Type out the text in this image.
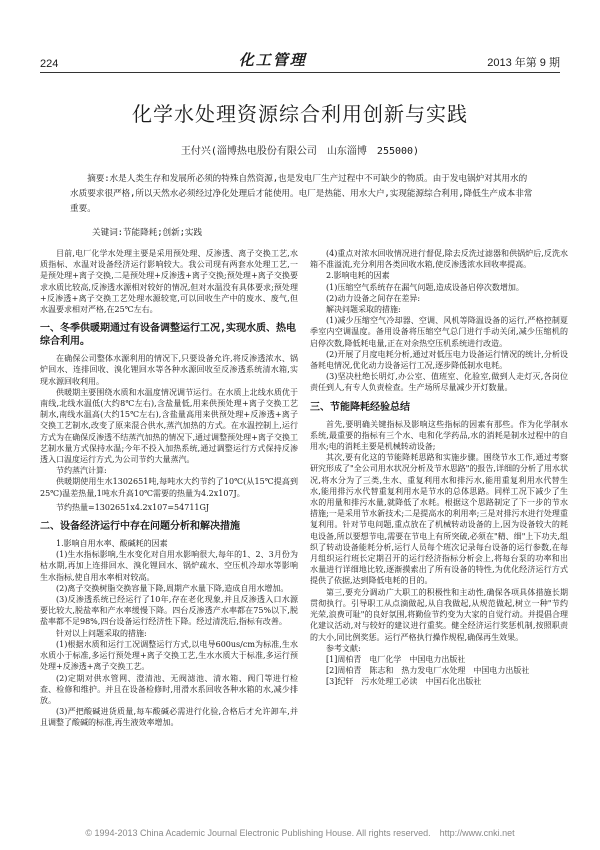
224	化工管理	2013 年第 9 期
化学水处理资源综合利用创新与实践
王付兴(淄博热电股份有限公司　山东淄博　255000)
摘要:水是人类生存和发展所必须的特殊自然资源,也是发电厂生产过程中不可缺少的物质。由于发电锅炉对其用水的水质要求很严格,所以天然水必须经过净化处理后才能使用。电厂是热能、用水大户,实现能源综合利用,降低生产成本非常重要。
关键词:节能降耗;创新;实践

目前,电厂化学水处理主要是采用预处理、反渗透、离子交换工艺,水质指标、水温对设备经济运行影响较大。我公司现有两套水处理工艺,一是预处理+离子交换,二是预处理+反渗透+离子交换;预处理+离子交换要求水质比较高,反渗透水源相对较好的情况,但对水温没有具体要求;预处理+反渗透+离子交换工艺处理水源较宽,可以回收生产中的废水、废气,但水温要求相对严格,在25℃左右。

一、冬季供暖期通过有设备调整运行工况,实现水质、热电综合利用。

在确保公司整体水源利用的情况下,只要设备允许,将反渗透浓水、锅炉回水、连排回收、溴化锂回水等各种水源回收至反渗透系统清水箱,实现水源回收利用。

供暖期主要围绕水质和水温度情况调节运行。在水质上北线水质优于南线,北线水温低(大约8℃左右),含盐量低,用来供预处理+离子交换工艺制水,南线水温高(大约15℃左右),含盐量高用来供预处理+反渗透+离子交换工艺制水,改变了原来混合供水,蒸汽加热的方式。在水温控制上,运行方式为在确保反渗透不结蒸汽加热的情况下,通过调整预处理+离子交换工艺制水量方式保持水温;今年不投入加热系统,通过调整运行方式保持反渗透入口温度运行方式,为公司节约大量蒸汽。

节约蒸汽计算:

供暖期使用生水1302651吨,每吨水大约节约了10℃(从15℃提高到25℃)温差热量,1吨水升高10℃需要的热量为4.2x107J。

节约热量=1302651x4.2x107=54711GJ

二、设备经济运行中存在问题分析和解决措施

1.影响自用水率、酸碱耗的因素

(1)生水指标影响,生水变化对自用水影响很大,每年的1、2、3月份为枯水期,再加上连排回水、溴化锂回水、锅炉疏水、空压机冷却水等影响生水指标,使自用水率相对较高。

(2)离子交换树脂交换容量下降,周期产水量下降,造成自用水增加。

(3)反渗透系统已经运行了10年,存在老化现象,并且反渗透入口水源要比较大,脱盐率和产水率缓慢下降。四台反渗透产水率都在75%以下,脱盐率都不足98%,四台设备运行经济性下降。经过清洗后,指标有改善。

针对以上问题采取的措施:

(1)根据水质和运行工况调整运行方式,以电导600us/cm为标准,生水水质小于标准,多运行预处理+离子交换工艺,生水水质大于标准,多运行预处理+反渗透+离子交换工艺。

(2)定期对供水管网、澄清池、无阀滤池、清水箱、阀门等进行检查、检修和维护。并且在设备检修时,用滑水系回收各种水箱的水,减少排放。

(3)严把酸碱进货质量,每车酸碱必需进行化验,合格后才允许卸车,并且调整了酸碱的标准,再生液效率增加。

(4)重点对浓水回收情况进行督促,除去反洗过滤器和供锅炉后,反洗水箱不准溢流,充分利用各类回收水箱,使反渗透浓水回收率提高。

2.影响电耗的因素

(1)压缩空气系统存在漏气问题,造成设备启停次数增加。

(2)动力设备之间存在差异:

解决问题采取的措施:

(1)减少压缩空气冷却器、空调、风机等降温设备的运行,严格控制夏季室内空调温度。备用设备将压缩空气总门进行手动关闭,减少压缩机的启停次数,降低耗电量,正在对余热空压机系统进行改造。

(2)开展了月度电耗分析,通过对低压电力设备运行情况的统计,分析设备耗电情况,优化动力设备运行工况,逐步降低制水电耗。

(3)坚决杜绝长明灯,办公室、值班室、化验室,做到人走灯灭,各岗位责任到人,有专人负责检查。生产场所尽量减少开灯数量。

三、节能降耗经验总结

首先,要明确关键指标及影响这些指标的因素有那些。作为化学制水系统,最重要的指标有三个水、电和化学药品,水的消耗是制水过程中的自用水;电的消耗主要是机械转动设备;

其次,要有化这的节能降耗思路和实施步骤。围绕节水工作,通过考察研究形成了"全公司用水状况分析及节水思路"的报告,详细的分析了用水状况,将水分为了三类,生水、重复利用水和排污水,能用重复利用水代替生水,能用排污水代替重复利用水是节水的总体思路。同样工况下减少了生水的用量和排污水量,就降低了水耗。根据这个思路制定了下一步的节水措施;一是采用节水新技术;二是提高水的利用率;三是对排污水进行处理重复利用。针对节电问题,重点放在了机械转动设备的上,因为设备较大的耗电设备,所以要想节电,需要在节电上有所突破,必须在"精、细"上下功夫,组织了转动设备能耗分析,运行人员每个班次记录每台设备的运行参数,在每月组织运行班长定期召开的运行经济指标分析会上,将每台泵的功率和出水量进行详细地比较,逐渐摸索出了所有设备的特性,为优化经济运行方式提供了依据,达到降低电耗的目的。

第三,要充分调动广大职工的积极性和主动性,确保各项具体措施长期贯彻执行。引导职工从点滴做起,从自我做起,从规范做起,树立一种"节约光荣,浪费可耻"的良好氛围,将勤俭节约变为大家的自觉行动。并提倡合理化建议活动,对与较好的建议进行重奖。健全经济运行奖惩机制,按照职责的大小,同比例奖惩。运行严格执行操作规程,确保再生效果。

参考文献:

[1]周柏青　电厂化学　中国电力出版社

[2]周柏青　陈志和　热力发电厂水处理　中国电力出版社

[3]纪轩　污水处理工必读　中国石化出版社

© 1994-2013 China Academic Journal Electronic Publishing House. All rights reserved.　http://www.cnki.net
